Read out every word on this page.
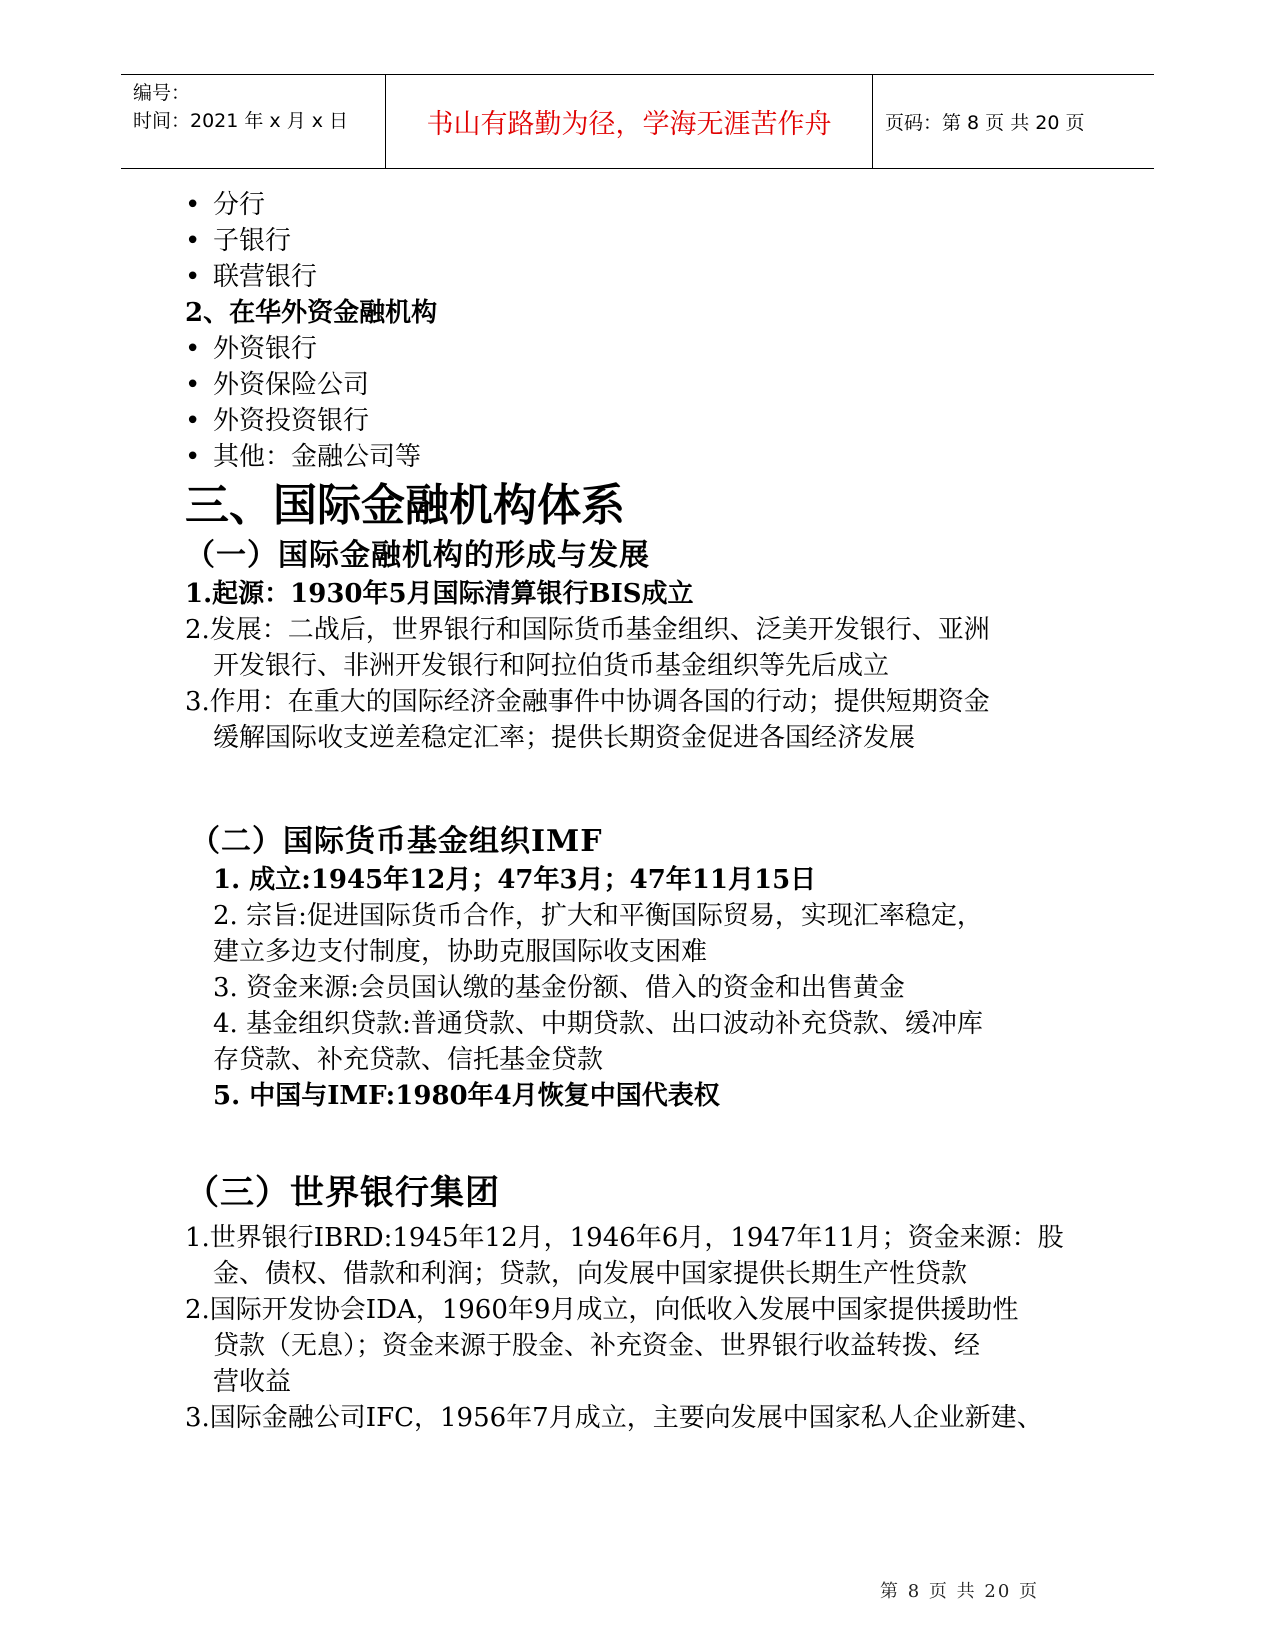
编号：
时间：2021 年 x 月 x 日	书山有路勤为径，学海无涯苦作舟	页码：第 8 页 共 20 页
• 分行
• 子银行
• 联营银行
2、在华外资金融机构
• 外资银行
• 外资保险公司
• 外资投资银行
• 其他：金融公司等
三、国际金融机构体系
（一）国际金融机构的形成与发展
1.起源：1930年5月国际清算银行BIS成立
2.发展：二战后，世界银行和国际货币基金组织、泛美开发银行、亚洲
开发银行、非洲开发银行和阿拉伯货币基金组织等先后成立
3.作用：在重大的国际经济金融事件中协调各国的行动；提供短期资金
缓解国际收支逆差稳定汇率；提供长期资金促进各国经济发展
（二）国际货币基金组织IMF
1. 成立:1945年12月；47年3月；47年11月15日
2. 宗旨:促进国际货币合作，扩大和平衡国际贸易，实现汇率稳定，
建立多边支付制度，协助克服国际收支困难
3. 资金来源:会员国认缴的基金份额、借入的资金和出售黄金
4. 基金组织贷款:普通贷款、中期贷款、出口波动补充贷款、缓冲库
存贷款、补充贷款、信托基金贷款
5. 中国与IMF:1980年4月恢复中国代表权
（三）世界银行集团
1.世界银行IBRD:1945年12月，1946年6月，1947年11月；资金来源：股
金、债权、借款和利润；贷款，向发展中国家提供长期生产性贷款
2.国际开发协会IDA，1960年9月成立，向低收入发展中国家提供援助性
贷款（无息）；资金来源于股金、补充资金、世界银行收益转拨、经
营收益
3.国际金融公司IFC，1956年7月成立，主要向发展中国家私人企业新建、
第 8 页 共 20 页
